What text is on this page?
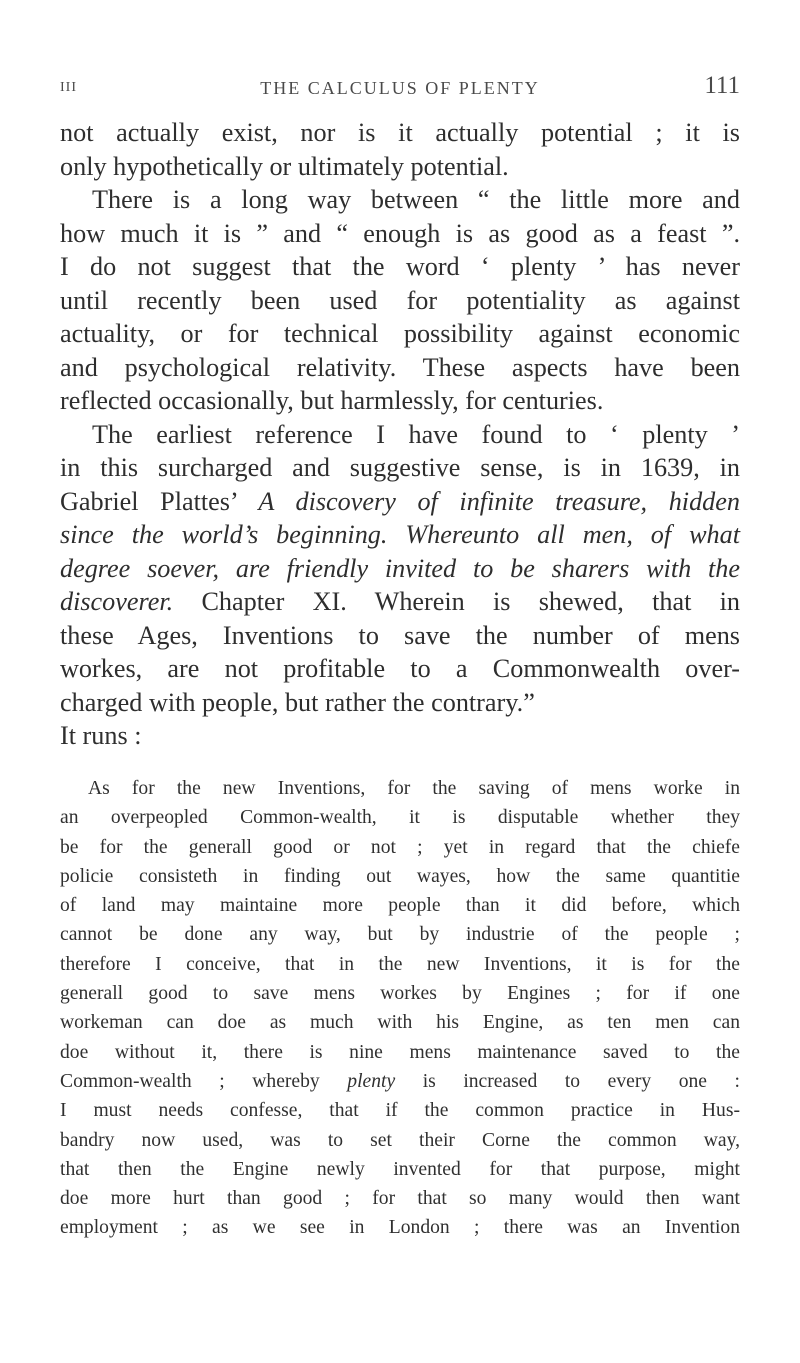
III	THE CALCULUS OF PLENTY	111
not actually exist, nor is it actually potential ; it is
only hypothetically or ultimately potential.
There is a long way between “ the little more and
how much it is ” and “ enough is as good as a feast ”.
I do not suggest that the word ‘ plenty ’ has never
until recently been used for potentiality as against
actuality, or for technical possibility against economic
and psychological relativity. These aspects have been
reflected occasionally, but harmlessly, for centuries.
The earliest reference I have found to ‘ plenty ’
in this surcharged and suggestive sense, is in 1639, in
Gabriel Plattes’ A discovery of infinite treasure, hidden
since the world’s beginning. Whereunto all men, of what
degree soever, are friendly invited to be sharers with the
discoverer. Chapter XI. Wherein is shewed, that in
these Ages, Inventions to save the number of mens
workes, are not profitable to a Commonwealth over-
charged with people, but rather the contrary.”
It runs :
As for the new Inventions, for the saving of mens worke in
an overpeopled Common-wealth, it is disputable whether they
be for the generall good or not ; yet in regard that the chiefe
policie consisteth in finding out wayes, how the same quantitie
of land may maintaine more people than it did before, which
cannot be done any way, but by industrie of the people ;
therefore I conceive, that in the new Inventions, it is for the
generall good to save mens workes by Engines ; for if one
workeman can doe as much with his Engine, as ten men can
doe without it, there is nine mens maintenance saved to the
Common-wealth ; whereby plenty is increased to every one :
I must needs confesse, that if the common practice in Hus-
bandry now used, was to set their Corne the common way,
that then the Engine newly invented for that purpose, might
doe more hurt than good ; for that so many would then want
employment ; as we see in London ; there was an Invention
